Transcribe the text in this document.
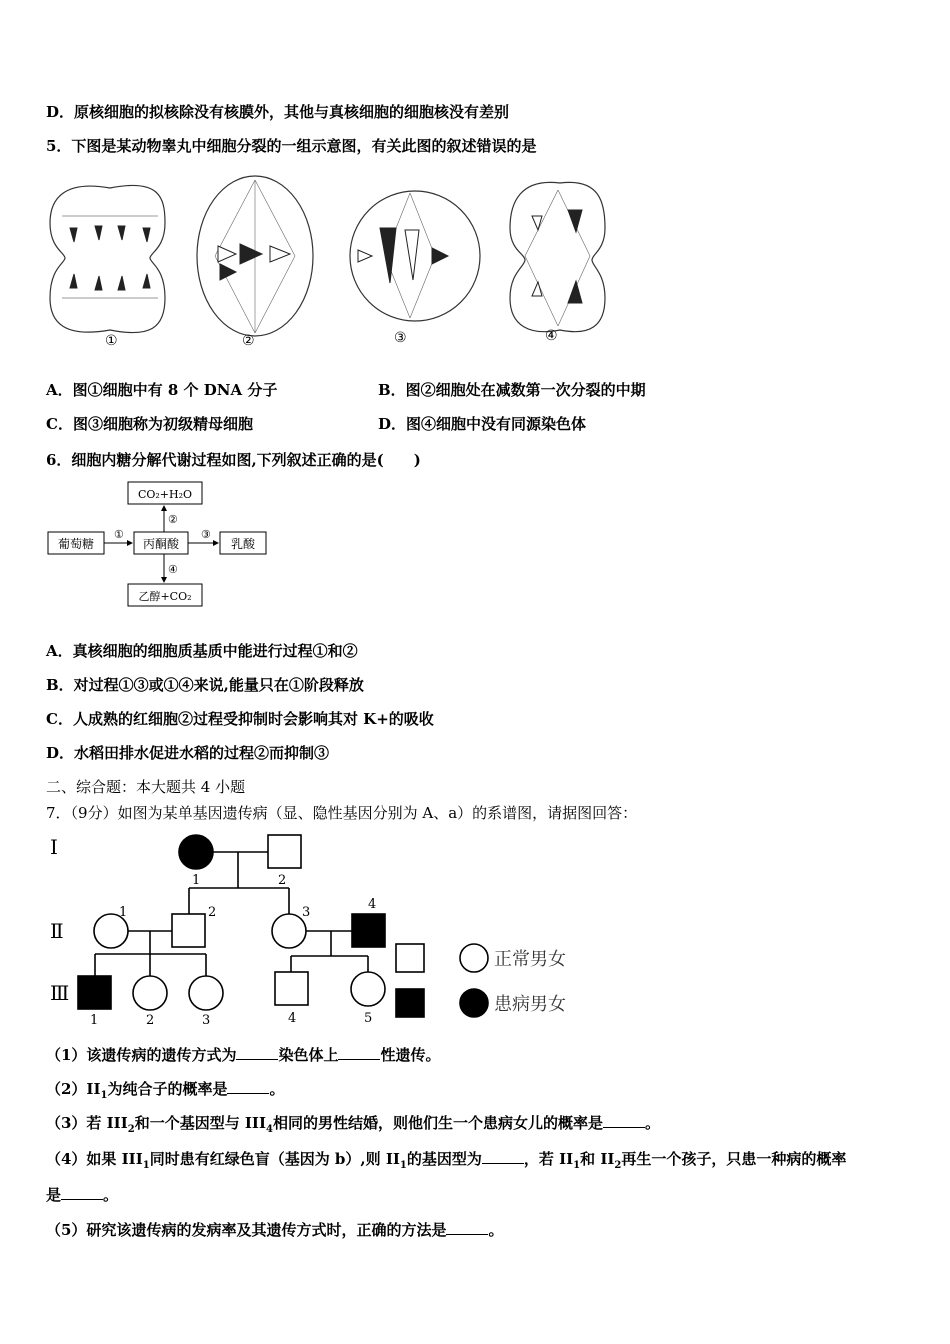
D．原核细胞的拟核除没有核膜外，其他与真核细胞的细胞核没有差别
5．下图是某动物睾丸中细胞分裂的一组示意图，有关此图的叙述错误的是
①	②	③	④
A．图①细胞中有 8 个 DNA 分子	B．图②细胞处在减数第一次分裂的中期
C．图③细胞称为初级精母细胞	D．图④细胞中没有同源染色体
6．细胞内糖分解代谢过程如图,下列叙述正确的是(　　)
葡萄糖	丙酮酸	乳酸
CO₂+H₂O
乙醇+CO₂
①
②
③
④
A．真核细胞的细胞质基质中能进行过程①和②
B．对过程①③或①④来说,能量只在①阶段释放
C．人成熟的红细胞②过程受抑制时会影响其对 K+的吸收
D．水稻田排水促进水稻的过程②而抑制③
二、综合题：本大题共 4 小题
7．（9分）如图为某单基因遗传病（显、隐性基因分别为 A、a）的系谱图，请据图回答：
Ⅰ
Ⅱ
Ⅲ
1	2
1	2	3
4
1	2	3	4	5
正常男女
患病男女
（1）该遗传病的遗传方式为	染色体上	性遗传。
$(2)II_1$为纯合子的概率是	。
（3）若 $III_2$和一个基因型与 $III_4$相同的男性结婚，则他们生一个患病女儿的概率是	。
（4）如果 $III_1$同时患有红绿色盲（基因为 b）,则 $II_1$的基因型为	，若 $II_1$和 $II_2$再生一个孩子，只患一种病的概率
是	。
（5）研究该遗传病的发病率及其遗传方式时，正确的方法是	。
